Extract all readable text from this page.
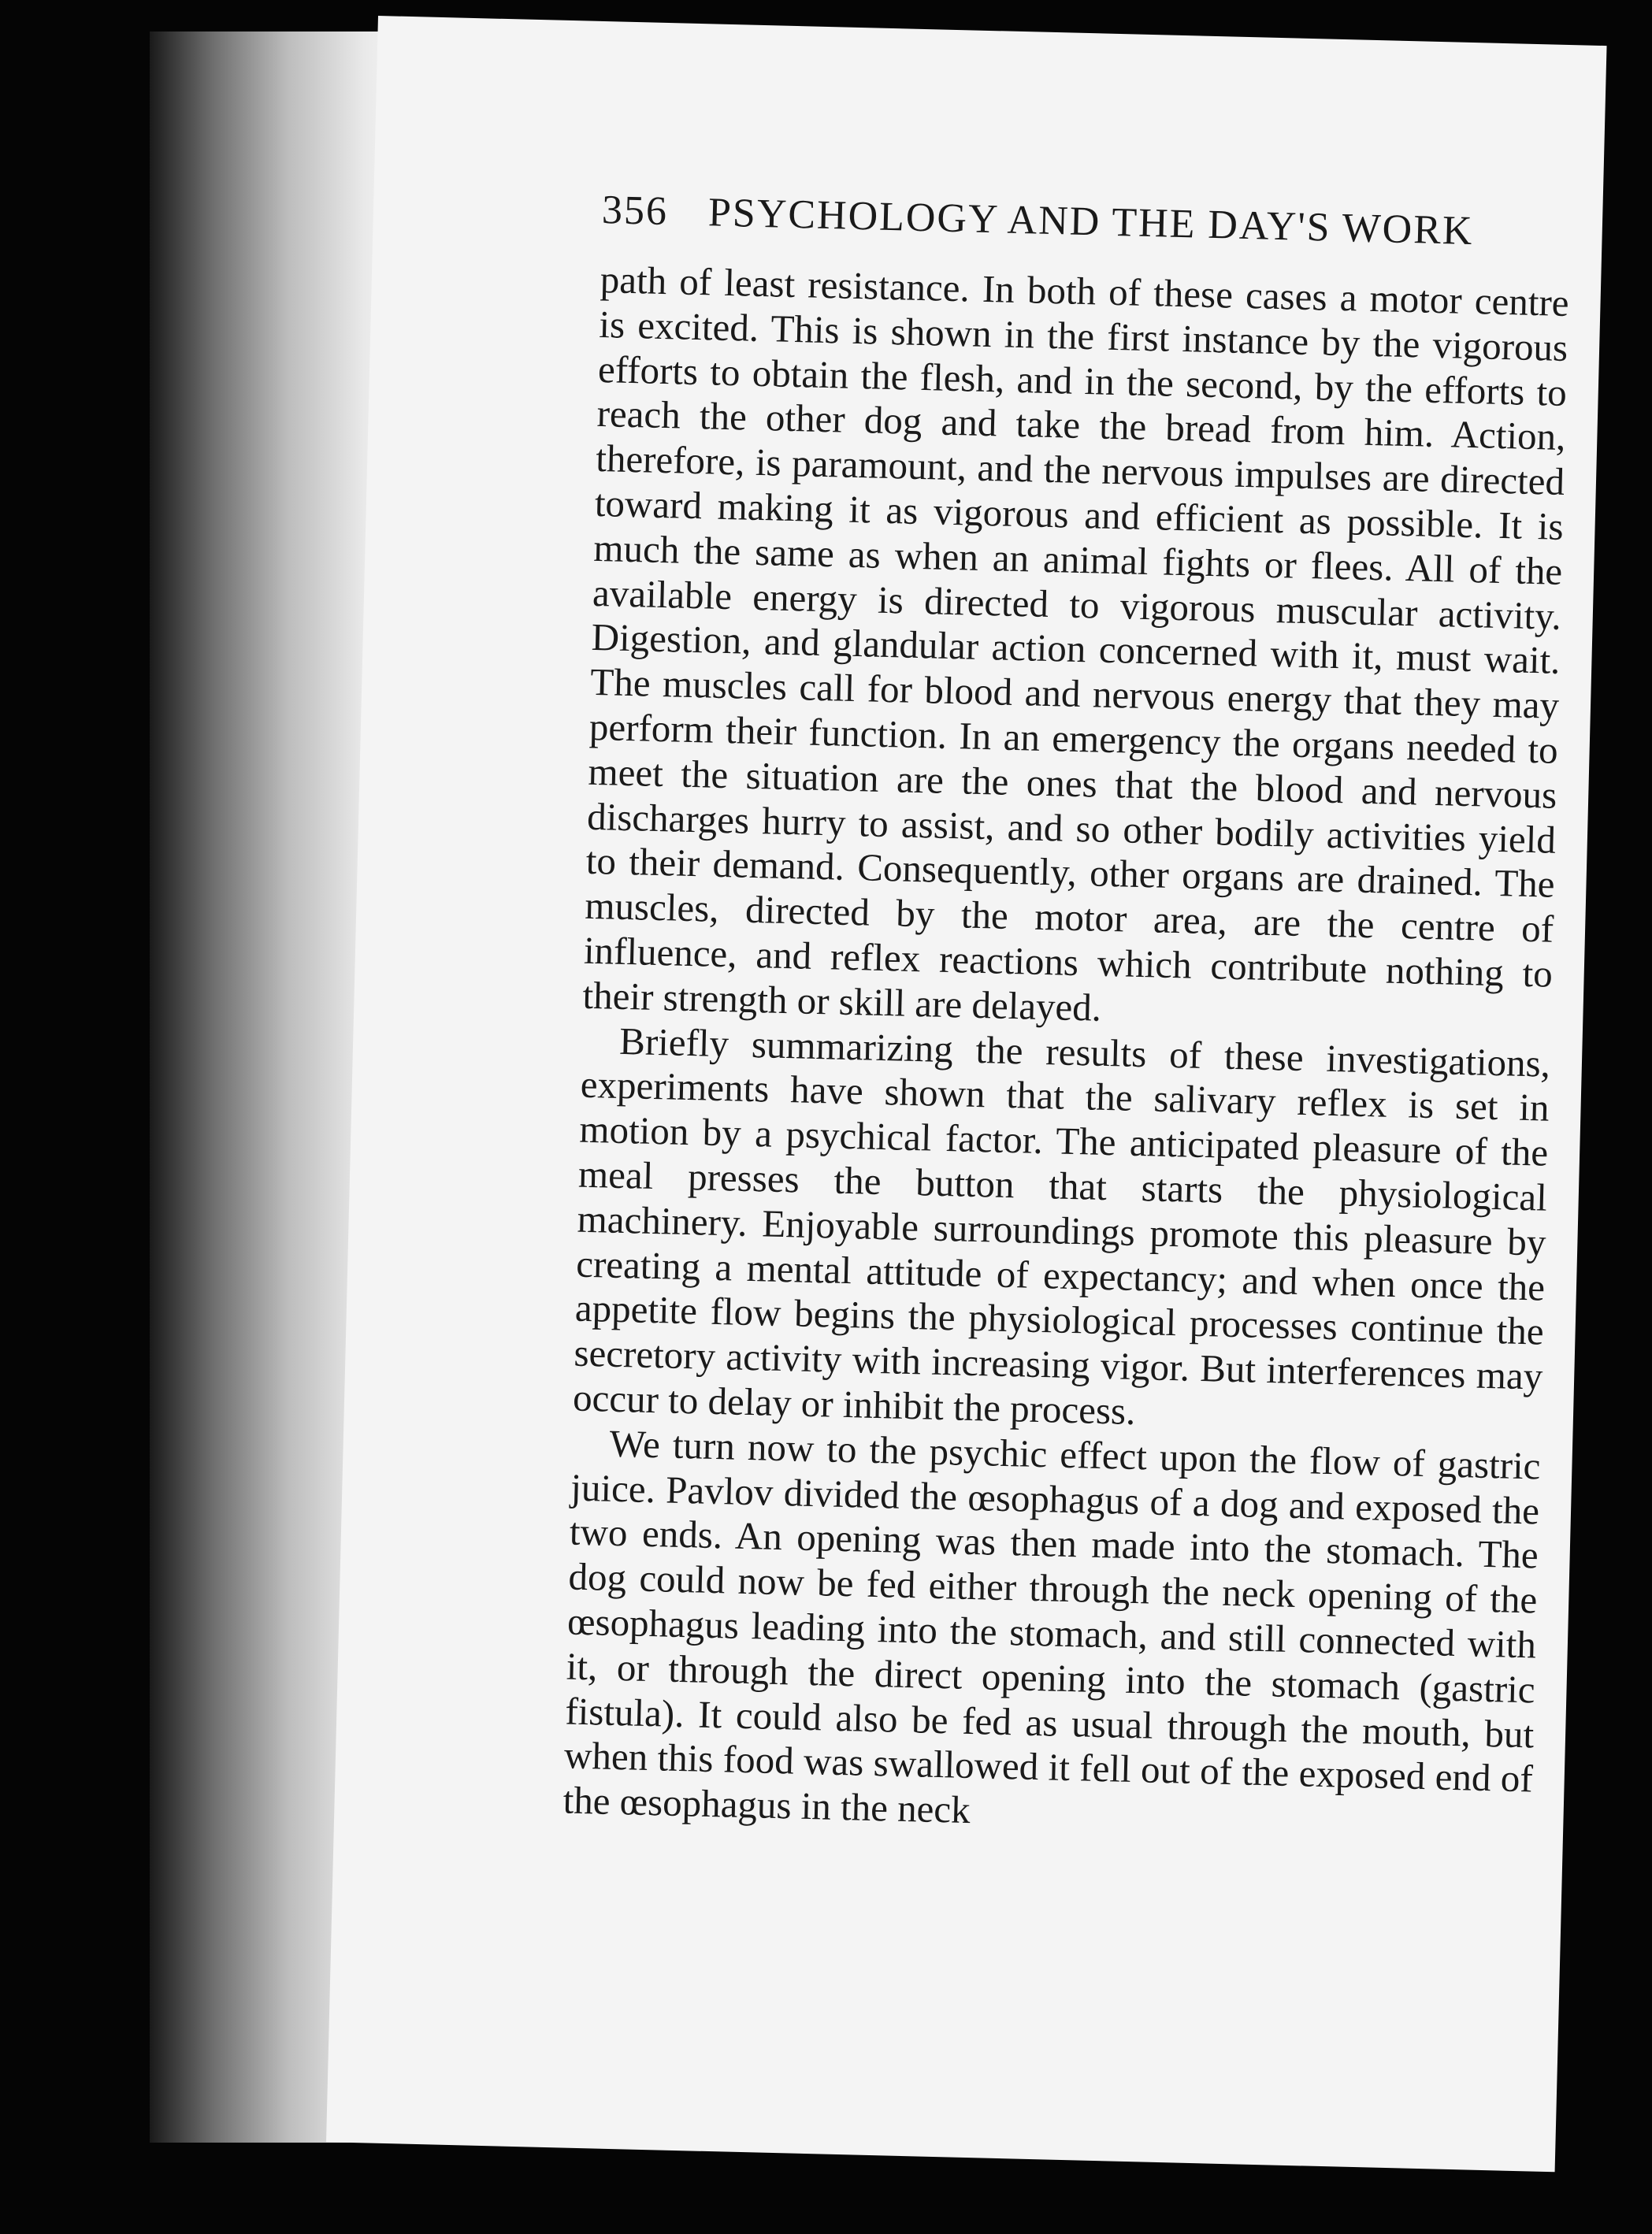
356 PSYCHOLOGY AND THE DAY'S WORK

path of least resistance. In both of these cases a motor centre is excited. This is shown in the first instance by the vigorous efforts to obtain the flesh, and in the second, by the efforts to reach the other dog and take the bread from him. Action, therefore, is paramount, and the nervous impulses are directed toward making it as vigorous and efficient as possible. It is much the same as when an animal fights or flees. All of the available energy is directed to vigorous muscular activity. Digestion, and glandular action concerned with it, must wait. The muscles call for blood and nervous energy that they may perform their function. In an emergency the organs needed to meet the situation are the ones that the blood and nervous discharges hurry to assist, and so other bodily activities yield to their demand. Consequently, other organs are drained. The muscles, directed by the motor area, are the centre of influence, and reflex reactions which contribute nothing to their strength or skill are delayed.

Briefly summarizing the results of these investigations, experiments have shown that the salivary reflex is set in motion by a psychical factor. The anticipated pleasure of the meal presses the button that starts the physiological machinery. Enjoyable surroundings promote this pleasure by creating a mental attitude of expectancy; and when once the appetite flow begins the physiological processes continue the secretory activity with increasing vigor. But interferences may occur to delay or inhibit the process.

We turn now to the psychic effect upon the flow of gastric juice. Pavlov divided the œsophagus of a dog and exposed the two ends. An opening was then made into the stomach. The dog could now be fed either through the neck opening of the œsophagus leading into the stomach, and still connected with it, or through the direct opening into the stomach (gastric fistula). It could also be fed as usual through the mouth, but when this food was swallowed it fell out of the exposed end of the œsophagus in the neck
